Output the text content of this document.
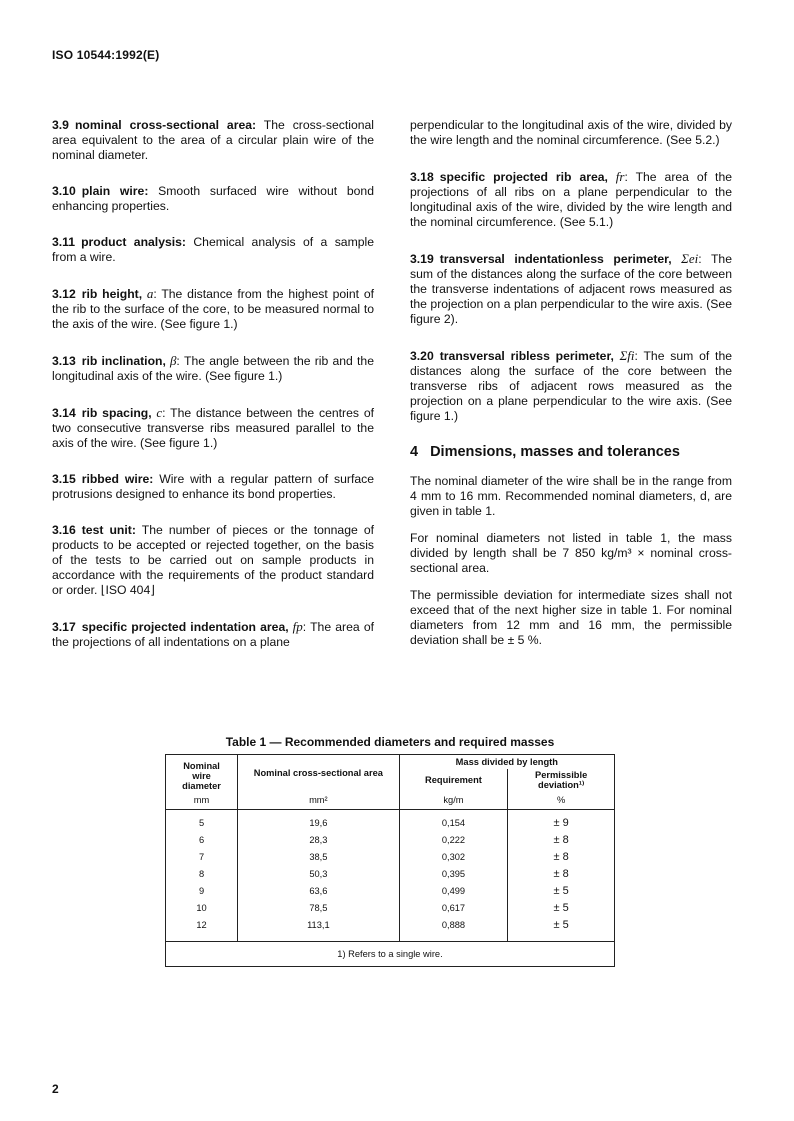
ISO 10544:1992(E)

3.9 nominal cross-sectional area: The cross-sectional area equivalent to the area of a circular plain wire of the nominal diameter.

3.10 plain wire: Smooth surfaced wire without bond enhancing properties.

3.11 product analysis: Chemical analysis of a sample from a wire.

3.12 rib height, a: The distance from the highest point of the rib to the surface of the core, to be measured normal to the axis of the wire. (See figure 1.)

3.13 rib inclination, β: The angle between the rib and the longitudinal axis of the wire. (See figure 1.)

3.14 rib spacing, c: The distance between the centres of two consecutive transverse ribs measured parallel to the axis of the wire. (See figure 1.)

3.15 ribbed wire: Wire with a regular pattern of surface protrusions designed to enhance its bond properties.

3.16 test unit: The number of pieces or the tonnage of products to be accepted or rejected together, on the basis of the tests to be carried out on sample products in accordance with the requirements of the product standard or order. ⌊ISO 404⌋

3.17 specific projected indentation area, fp: The area of the projections of all indentations on a plane

perpendicular to the longitudinal axis of the wire, divided by the wire length and the nominal circumference. (See 5.2.)

3.18 specific projected rib area, fr: The area of the projections of all ribs on a plane perpendicular to the longitudinal axis of the wire, divided by the wire length and the nominal circumference. (See 5.1.)

3.19 transversal indentationless perimeter, Σei: The sum of the distances along the surface of the core between the transverse indentations of adjacent rows measured as the projection on a plan perpendicular to the wire axis. (See figure 2).

3.20 transversal ribless perimeter, Σfi: The sum of the distances along the surface of the core between the transverse ribs of adjacent rows measured as the projection on a plane perpendicular to the wire axis. (See figure 1.)

4 Dimensions, masses and tolerances

The nominal diameter of the wire shall be in the range from 4 mm to 16 mm. Recommended nominal diameters, d, are given in table 1.

For nominal diameters not listed in table 1, the mass divided by length shall be 7 850 kg/m³ × nominal cross-sectional area.

The permissible deviation for intermediate sizes shall not exceed that of the next higher size in table 1. For nominal diameters from 12 mm and 16 mm, the permissible deviation shall be ± 5 %.

Table 1 — Recommended diameters and required masses
Nominal
wire
diameter	Nominal cross-sectional area	Mass divided by length	
		Requirement	Permissible deviation¹⁾

mm	mm²	kg/m	%
5	19,6	0,154	± 9
6	28,3	0,222	± 8
7	38,5	0,302	± 8
8	50,3	0,395	± 8
9	63,6	0,499	± 5
10	78,5	0,617	± 5
12	113,1	0,888	± 5
1) Refers to a single wire.			
2
